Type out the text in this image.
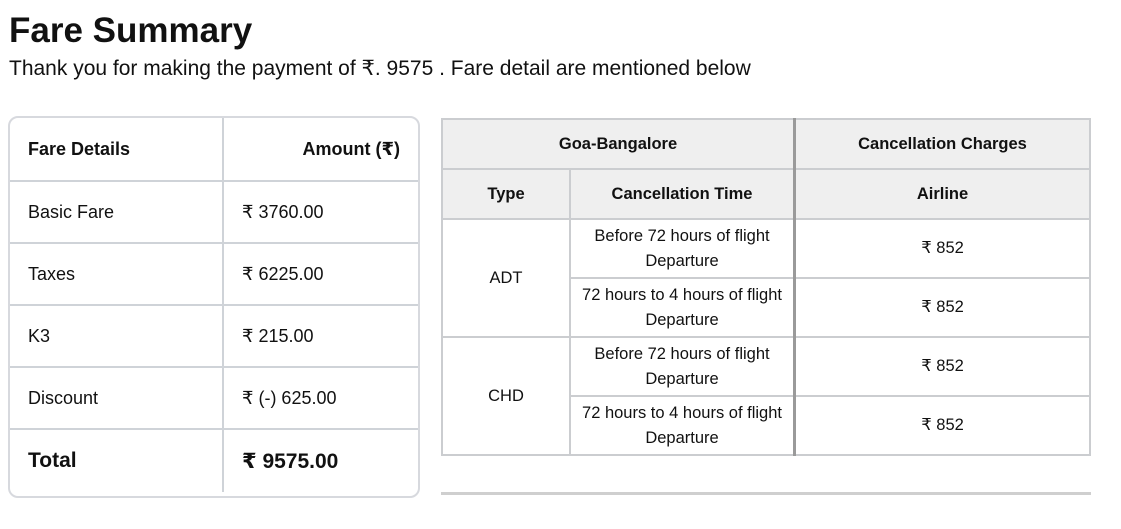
Fare Summary

Thank you for making the payment of ₹. 9575 . Fare detail are mentioned below

Fare Details	Amount (₹)
Basic Fare	₹ 3760.00
Taxes	₹ 6225.00
K3	₹ 215.00
Discount	₹ (-) 625.00
Total	₹ 9575.00
Goa-Bangalore		Cancellation Charges
Type	Cancellation Time	Airline
ADT	Before 72 hours of flight Departure	₹ 852
	72 hours to 4 hours of flight Departure	₹ 852
CHD	Before 72 hours of flight Departure	₹ 852
	72 hours to 4 hours of flight Departure	₹ 852
